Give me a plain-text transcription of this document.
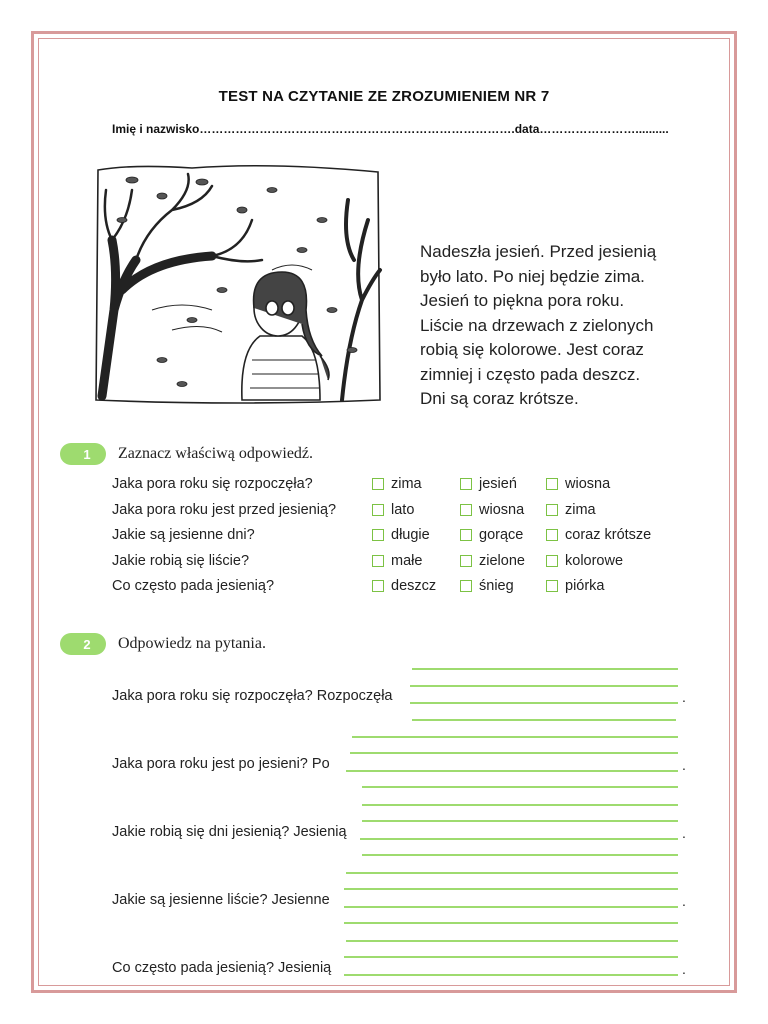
TEST NA CZYTANIE ZE ZROZUMIENIEM NR 7
Imię i nazwisko…………………………………………………………………….data……………………..........
Nadeszła jesień. Przed jesienią
było lato. Po niej będzie zima.
Jesień to piękna pora roku.
Liście na drzewach z zielonych
robią się kolorowe. Jest coraz
zimniej i często pada deszcz.
Dni są coraz krótsze.
1 Zaznacz właściwą odpowiedź.
Jaka pora roku się rozpoczęła?	zima	jesień	wiosna
Jaka pora roku jest przed jesienią?	lato	wiosna	zima
Jakie są jesienne dni?	długie	gorące	coraz krótsze
Jakie robią się liście?	małe	zielone	kolorowe
Co często pada jesienią?	deszcz	śnieg	piórka
2 Odpowiedz na pytania.
Jaka pora roku się rozpoczęła? Rozpoczęła	.
Jaka pora roku jest po jesieni? Po	.
Jakie robią się dni jesienią? Jesienią	.
Jakie są jesienne liście? Jesienne	.
Co często pada jesienią? Jesienią	.
